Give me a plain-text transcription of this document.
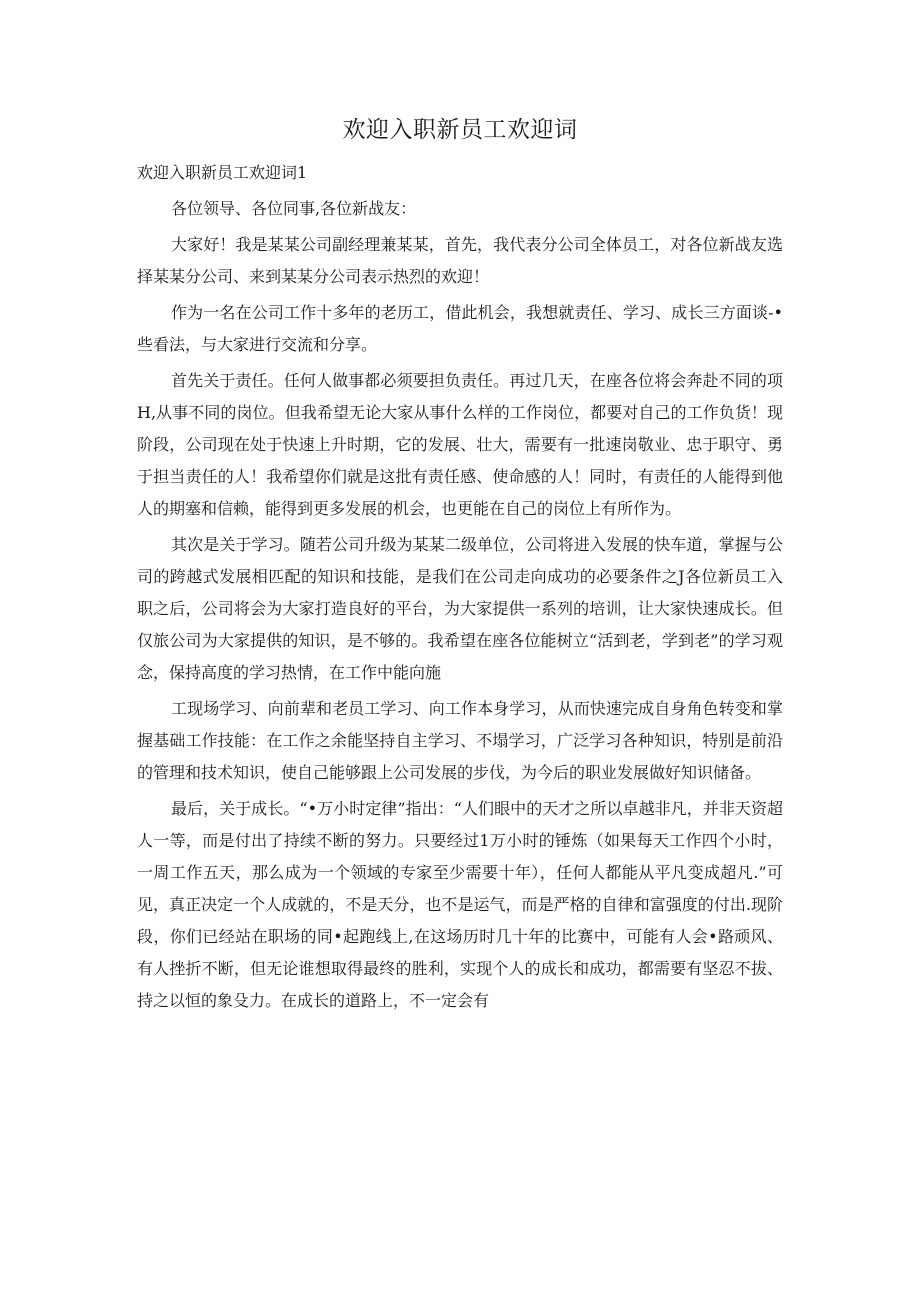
欢迎入职新员工欢迎词
欢迎入职新员工欢迎词1

各位领导、各位同事,各位新战友：

大家好！我是某某公司副经理兼某某，首先，我代表分公司全体员工，对各位新战友选择某某分公司、来到某某分公司表示热烈的欢迎！

作为一名在公司工作十多年的老历工，借此机会，我想就责任、学习、成长三方面谈-•些看法，与大家进行交流和分享。

首先关于责任。任何人做事都必须要担负责任。再过几天，在座各位将会奔赴不同的项H,从事不同的岗位。但我希望无论大家从事什么样的工作岗位，都要对自己的工作负货！现阶段，公司现在处于快速上升时期，它的发展、壮大，需要有一批速岗敬业、忠于职守、勇于担当责任的人！我希望你们就是这批有责任感、使命感的人！同时，有责任的人能得到他人的期塞和信赖，能得到更多发展的机会，也更能在自己的岗位上有所作为。

其次是关于学习。随若公司升级为某某二级单位，公司将进入发展的快车道，掌握与公司的跨越式发展相匹配的知识和技能，是我们在公司走向成功的必要条件之J各位新员工入职之后，公司将会为大家打造良好的平台，为大家提供一系列的培训，让大家快速成长。但仅旅公司为大家提供的知识，是不够的。我希望在座各位能树立“活到老，学到老”的学习观念，保持高度的学习热情，在工作中能向施

工现场学习、向前辈和老员工学习、向工作本身学习，从而快速完成自身角色转变和掌握基础工作技能：在工作之余能坚持自主学习、不塌学习，广泛学习各种知识，特别是前沿的管理和技术知识，使自己能够跟上公司发展的步伐，为今后的职业发展做好知识储备。

最后，关于成长。“•万小时定律”指出：“人们眼中的天才之所以卓越非凡，并非天资超人一等，而是付出了持续不断的努力。只要经过1万小时的锤炼（如果每天工作四个小时，一周工作五天，那么成为一个领域的专家至少需要十年），任何人都能从平凡变成超凡.”可见，真正决定一个人成就的，不是天分，也不是运气，而是严格的自律和富强度的付出.现阶段，你们已经站在职场的同•起跑线上,在这场历时几十年的比赛中，可能有人会•路顽风、有人挫折不断，但无论谁想取得最终的胜利，实现个人的成长和成功，都需要有坚忍不拔、持之以恒的象殳力。在成长的道路上，不一定会有
